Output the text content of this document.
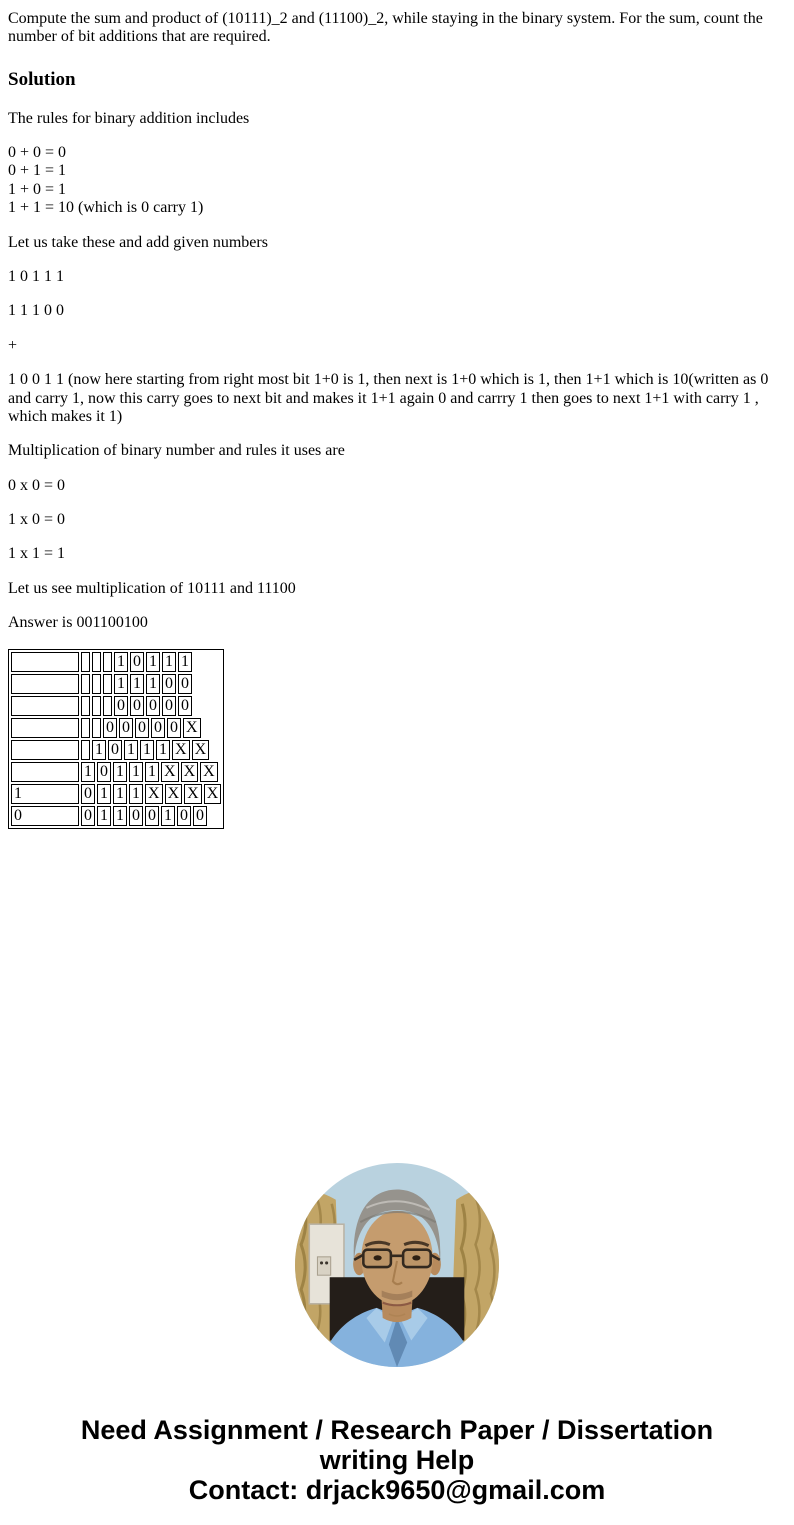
Compute the sum and product of (10111)_2 and (11100)_2, while staying in the binary system. For the sum, count the number of bit additions that are required.

Solution

The rules for binary addition includes

0 + 0 = 0
0 + 1 = 1
1 + 0 = 1
1 + 1 = 10 (which is 0 carry 1)

Let us take these and add given numbers

1 0 1 1 1

1 1 1 0 0

+

1 0 0 1 1 (now here starting from right most bit 1+0 is 1, then next is 1+0 which is 1, then 1+1 which is 10(written as 0 and carry 1, now this carry goes to next bit and makes it 1+1 again 0 and carrry 1 then goes to next 1+1 with carry 1 , which makes it 1)

Multiplication of binary number and rules it uses are

0 x 0 = 0

1 x 0 = 0

1 x 1 = 1

Let us see multiplication of 10111 and 11100

Answer is 001100100

1 0 1 1 1
1 1 1 0 0
0 0 0 0 0
0 0 0 0 0 X
1 0 1 1 1 X X
1 0 1 1 1 X X X
1	0 1 1 1 X X X X
0	0 1 1 0 0 1 0 0
Need Assignment / Research Paper / Dissertation
writing Help
Contact: drjack9650@gmail.com
